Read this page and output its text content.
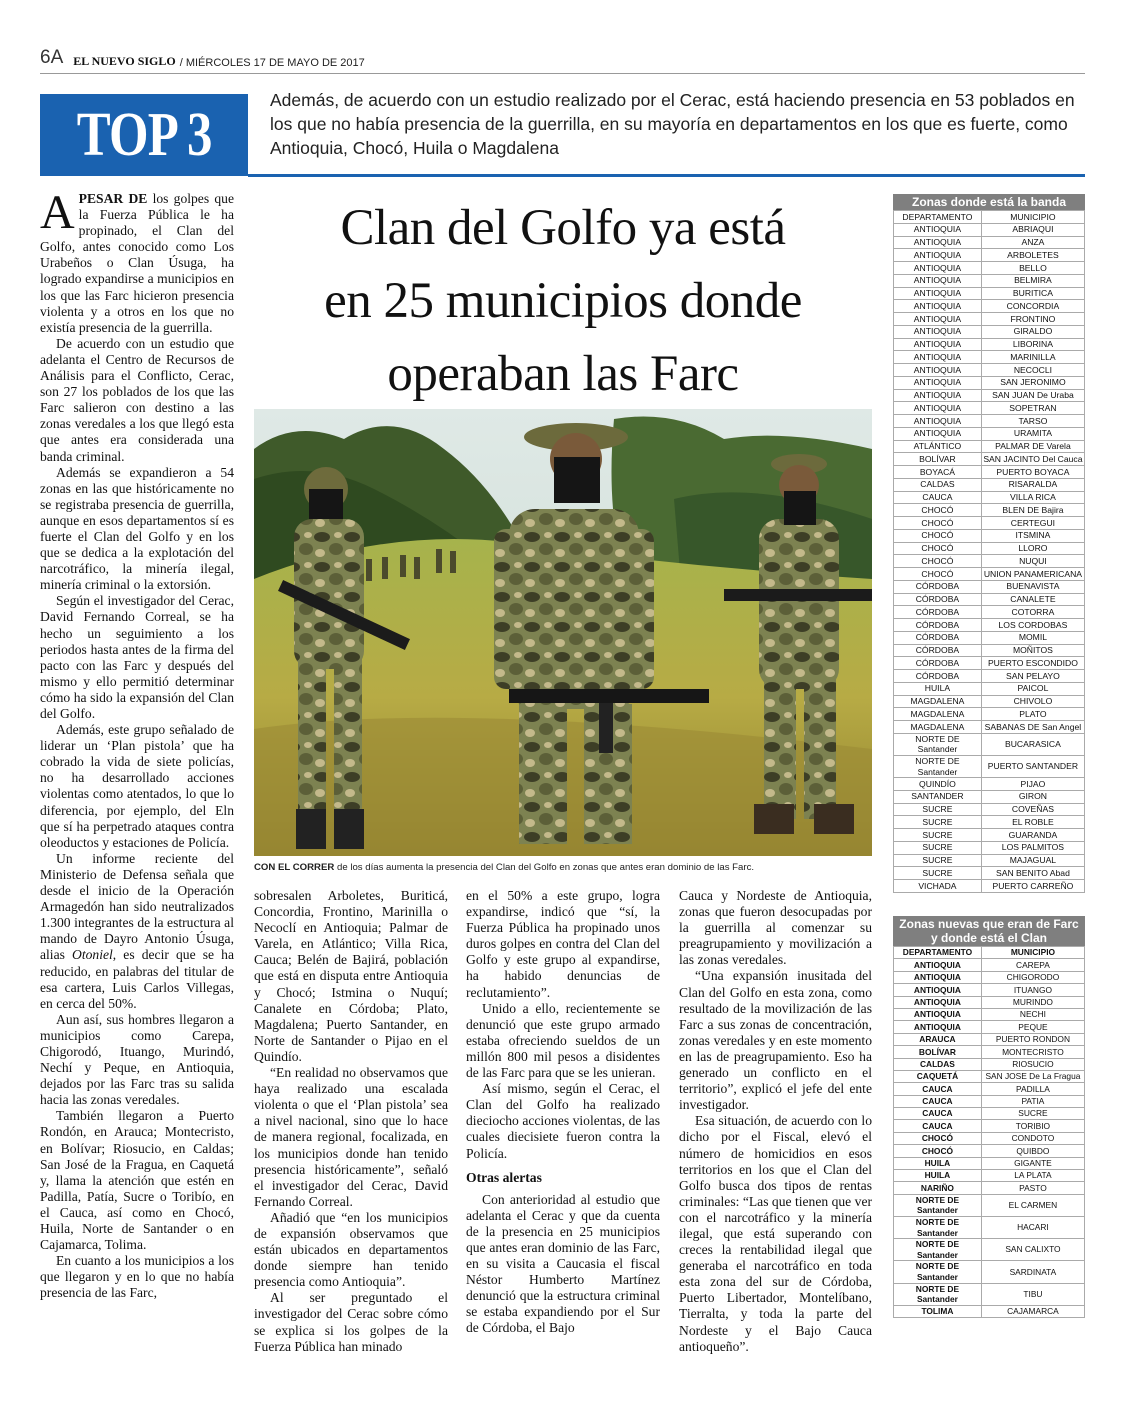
6A EL NUEVO SIGLO / MIÉRCOLES 17 DE MAYO DE 2017
TOP 3
Además, de acuerdo con un estudio realizado por el Cerac, está haciendo presencia en 53 poblados en los que no había presencia de la guerrilla, en su mayoría en departamentos en los que es fuerte, como Antioquia, Chocó, Huila o Magdalena
Clan del Golfo ya está
en 25 municipios donde
operaban las Farc
CON EL CORRER de los días aumenta la presencia del Clan del Golfo en zonas que antes eran dominio de las Farc.

APESAR DE los golpes que la Fuerza Pública le ha propinado, el Clan del Golfo, antes conocido como Los Urabeños o Clan Úsuga, ha logrado expandirse a municipios en los que las Farc hicieron presencia violenta y a otros en los que no existía presencia de la guerrilla.

De acuerdo con un estudio que adelanta el Centro de Recursos de Análisis para el Conflicto, Cerac, son 27 los poblados de los que las Farc salieron con destino a las zonas veredales a los que llegó esta que antes era considerada una banda criminal.

Además se expandieron a 54 zonas en las que históricamente no se registraba presencia de guerrilla, aunque en esos departamentos sí es fuerte el Clan del Golfo y en los que se dedica a la explotación del narcotráfico, la minería ilegal, minería criminal o la extorsión.

Según el investigador del Cerac, David Fernando Correal, se ha hecho un seguimiento a los periodos hasta antes de la firma del pacto con las Farc y después del mismo y ello permitió determinar cómo ha sido la expansión del Clan del Golfo.

Además, este grupo señalado de liderar un ‘Plan pistola’ que ha cobrado la vida de siete policías, no ha desarrollado acciones violentas como atentados, lo que lo diferencia, por ejemplo, del Eln que sí ha perpetrado ataques contra oleoductos y estaciones de Policía.

Un informe reciente del Ministerio de Defensa señala que desde el inicio de la Operación Armagedón han sido neutralizados 1.300 integrantes de la estructura al mando de Dayro Antonio Úsuga, alias Otoniel, es decir que se ha reducido, en palabras del titular de esa cartera, Luis Carlos Villegas, en cerca del 50%.

Aun así, sus hombres llegaron a municipios como Carepa, Chigorodó, Ituango, Murindó, Nechí y Peque, en Antioquia, dejados por las Farc tras su salida hacia las zonas veredales.

También llegaron a Puerto Rondón, en Arauca; Montecristo, en Bolívar; Riosucio, en Caldas; San José de la Fragua, en Caquetá y, llama la atención que estén en Padilla, Patía, Sucre o Toribío, en el Cauca, así como en Chocó, Huila, Norte de Santander o en Cajamarca, Tolima.

En cuanto a los municipios a los que llegaron y en lo que no había presencia de las Farc,

sobresalen Arboletes, Buriticá, Concordia, Frontino, Marinilla o Necoclí en Antioquia; Palmar de Varela, en Atlántico; Villa Rica, Cauca; Belén de Bajirá, población que está en disputa entre Antioquia y Chocó; Istmina o Nuquí; Canalete en Córdoba; Plato, Magdalena; Puerto Santander, en Norte de Santander o Pijao en el Quindío.

“En realidad no observamos que haya realizado una escalada violenta o que el ‘Plan pistola’ sea a nivel nacional, sino que lo hace de manera regional, focalizada, en los municipios donde han tenido presencia históricamente”, señaló el investigador del Cerac, David Fernando Correal.

Añadió que “en los municipios de expansión observamos que están ubicados en departamentos donde siempre han tenido presencia como Antioquia”.

Al ser preguntado el investigador del Cerac sobre cómo se explica si los golpes de la Fuerza Pública han minado

en el 50% a este grupo, logra expandirse, indicó que “sí, la Fuerza Pública ha propinado unos duros golpes en contra del Clan del Golfo y este grupo al expandirse, ha habido denuncias de reclutamiento”.

Unido a ello, recientemente se denunció que este grupo armado estaba ofreciendo sueldos de un millón 800 mil pesos a disidentes de las Farc para que se les unieran.

Así mismo, según el Cerac, el Clan del Golfo ha realizado dieciocho acciones violentas, de las cuales diecisiete fueron contra la Policía.

Otras alertas

Con anterioridad al estudio que adelanta el Cerac y que da cuenta de la presencia en 25 municipios que antes eran dominio de las Farc, en su visita a Caucasia el fiscal Néstor Humberto Martínez denunció que la estructura criminal se estaba expandiendo por el Sur de Córdoba, el Bajo

Cauca y Nordeste de Antioquia, zonas que fueron desocupadas por la guerrilla al comenzar su preagrupamiento y movilización a las zonas veredales.

“Una expansión inusitada del Clan del Golfo en esta zona, como resultado de la movilización de las Farc a sus zonas de concentración, zonas veredales y en este momento en las de preagrupamiento. Eso ha generado un conflicto en el territorio”, explicó el jefe del ente investigador.

Esa situación, de acuerdo con lo dicho por el Fiscal, elevó el número de homicidios en esos territorios en los que el Clan del Golfo busca dos tipos de rentas criminales: “Las que tienen que ver con el narcotráfico y la minería ilegal, que está superando con creces la rentabilidad ilegal que generaba el narcotráfico en toda esta zona del sur de Córdoba, Puerto Libertador, Montelíbano, Tierralta, y toda la parte del Nordeste y el Bajo Cauca antioqueño”.

Zonas donde está la banda
DEPARTAMENTO	MUNICIPIO
ANTIOQUIA	ABRIAQUI
ANTIOQUIA	ANZA
ANTIOQUIA	ARBOLETES
ANTIOQUIA	BELLO
ANTIOQUIA	BELMIRA
ANTIOQUIA	BURITICA
ANTIOQUIA	CONCORDIA
ANTIOQUIA	FRONTINO
ANTIOQUIA	GIRALDO
ANTIOQUIA	LIBORINA
ANTIOQUIA	MARINILLA
ANTIOQUIA	NECOCLI
ANTIOQUIA	SAN JERONIMO
ANTIOQUIA	SAN JUAN De Uraba
ANTIOQUIA	SOPETRAN
ANTIOQUIA	TARSO
ANTIOQUIA	URAMITA
ATLÁNTICO	PALMAR DE Varela
BOLÍVAR	SAN JACINTO Del Cauca
BOYACÁ	PUERTO BOYACA
CALDAS	RISARALDA
CAUCA	VILLA RICA
CHOCÓ	BLEN DE Bajira
CHOCÓ	CERTEGUI
CHOCÓ	ITSMINA
CHOCÓ	LLORO
CHOCÓ	NUQUI
CHOCÓ	UNION PANAMERICANA
CÓRDOBA	BUENAVISTA
CÓRDOBA	CANALETE
CÓRDOBA	COTORRA
CÓRDOBA	LOS CORDOBAS
CÓRDOBA	MOMIL
CÓRDOBA	MOÑITOS
CÓRDOBA	PUERTO ESCONDIDO
CÓRDOBA	SAN PELAYO
HUILA	PAICOL
MAGDALENA	CHIVOLO
MAGDALENA	PLATO
MAGDALENA	SABANAS DE San Angel
NORTE DE Santander	BUCARASICA
NORTE DE Santander	PUERTO SANTANDER
QUINDÍO	PIJAO
SANTANDER	GIRON
SUCRE	COVEÑAS
SUCRE	EL ROBLE
SUCRE	GUARANDA
SUCRE	LOS PALMITOS
SUCRE	MAJAGUAL
SUCRE	SAN BENITO Abad
VICHADA	PUERTO CARREÑO
Zonas nuevas que eran de Farc y donde está el Clan
DEPARTAMENTO	MUNICIPIO
ANTIOQUIA	CAREPA
ANTIOQUIA	CHIGORODO
ANTIOQUIA	ITUANGO
ANTIOQUIA	MURINDO
ANTIOQUIA	NECHI
ANTIOQUIA	PEQUE
ARAUCA	PUERTO RONDON
BOLÍVAR	MONTECRISTO
CALDAS	RIOSUCIO
CAQUETÁ	SAN JOSE De La Fragua
CAUCA	PADILLA
CAUCA	PATIA
CAUCA	SUCRE
CAUCA	TORIBIO
CHOCÓ	CONDOTO
CHOCÓ	QUIBDO
HUILA	GIGANTE
HUILA	LA PLATA
NARIÑO	PASTO
NORTE DE Santander	EL CARMEN
NORTE DE Santander	HACARI
NORTE DE Santander	SAN CALIXTO
NORTE DE Santander	SARDINATA
NORTE DE Santander	TIBU
TOLIMA	CAJAMARCA
